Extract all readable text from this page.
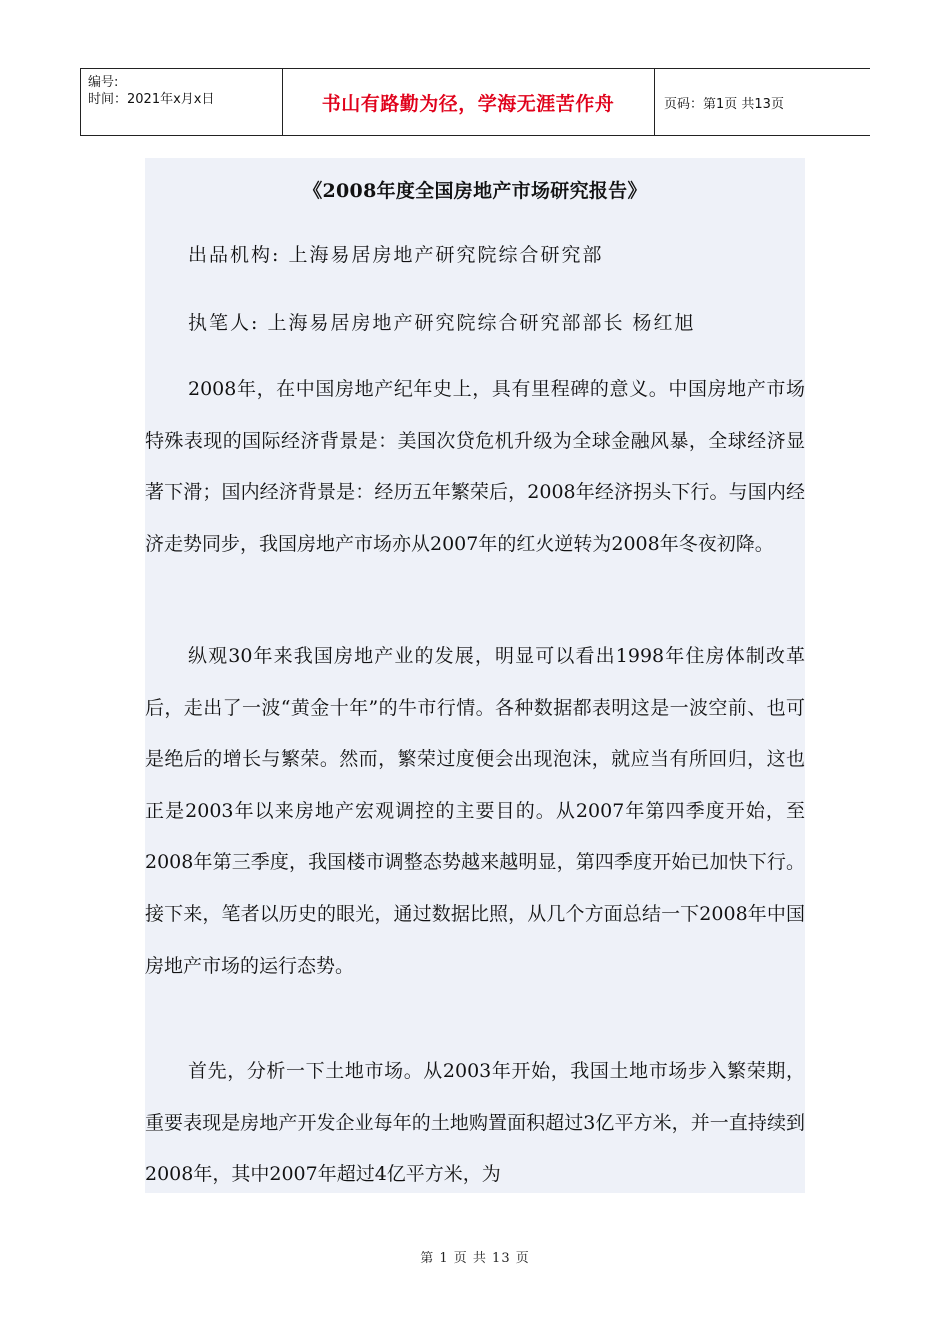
编号:
时间：2021年x月x日	书山有路勤为径，学海无涯苦作舟	页码：第1页 共13页
《2008年度全国房地产市场研究报告》
出品机构: 上海易居房地产研究院综合研究部
执笔人: 上海易居房地产研究院综合研究部部长 杨红旭

2008年，在中国房地产纪年史上，具有里程碑的意义。中国房地产市场特殊表现的国际经济背景是：美国次贷危机升级为全球金融风暴，全球经济显著下滑；国内经济背景是：经历五年繁荣后，2008年经济拐头下行。与国内经济走势同步，我国房地产市场亦从2007年的红火逆转为2008年冬夜初降。

纵观30年来我国房地产业的发展，明显可以看出1998年住房体制改革后，走出了一波“黄金十年”的牛市行情。各种数据都表明这是一波空前、也可是绝后的增长与繁荣。然而，繁荣过度便会出现泡沫，就应当有所回归，这也正是2003年以来房地产宏观调控的主要目的。从2007年第四季度开始，至2008年第三季度，我国楼市调整态势越来越明显，第四季度开始已加快下行。接下来，笔者以历史的眼光，通过数据比照，从几个方面总结一下2008年中国房地产市场的运行态势。

首先，分析一下土地市场。从2003年开始，我国土地市场步入繁荣期，重要表现是房地产开发企业每年的土地购置面积超过3亿平方米，并一直持续到2008年，其中2007年超过4亿平方米，为

第 1 页 共 13 页
